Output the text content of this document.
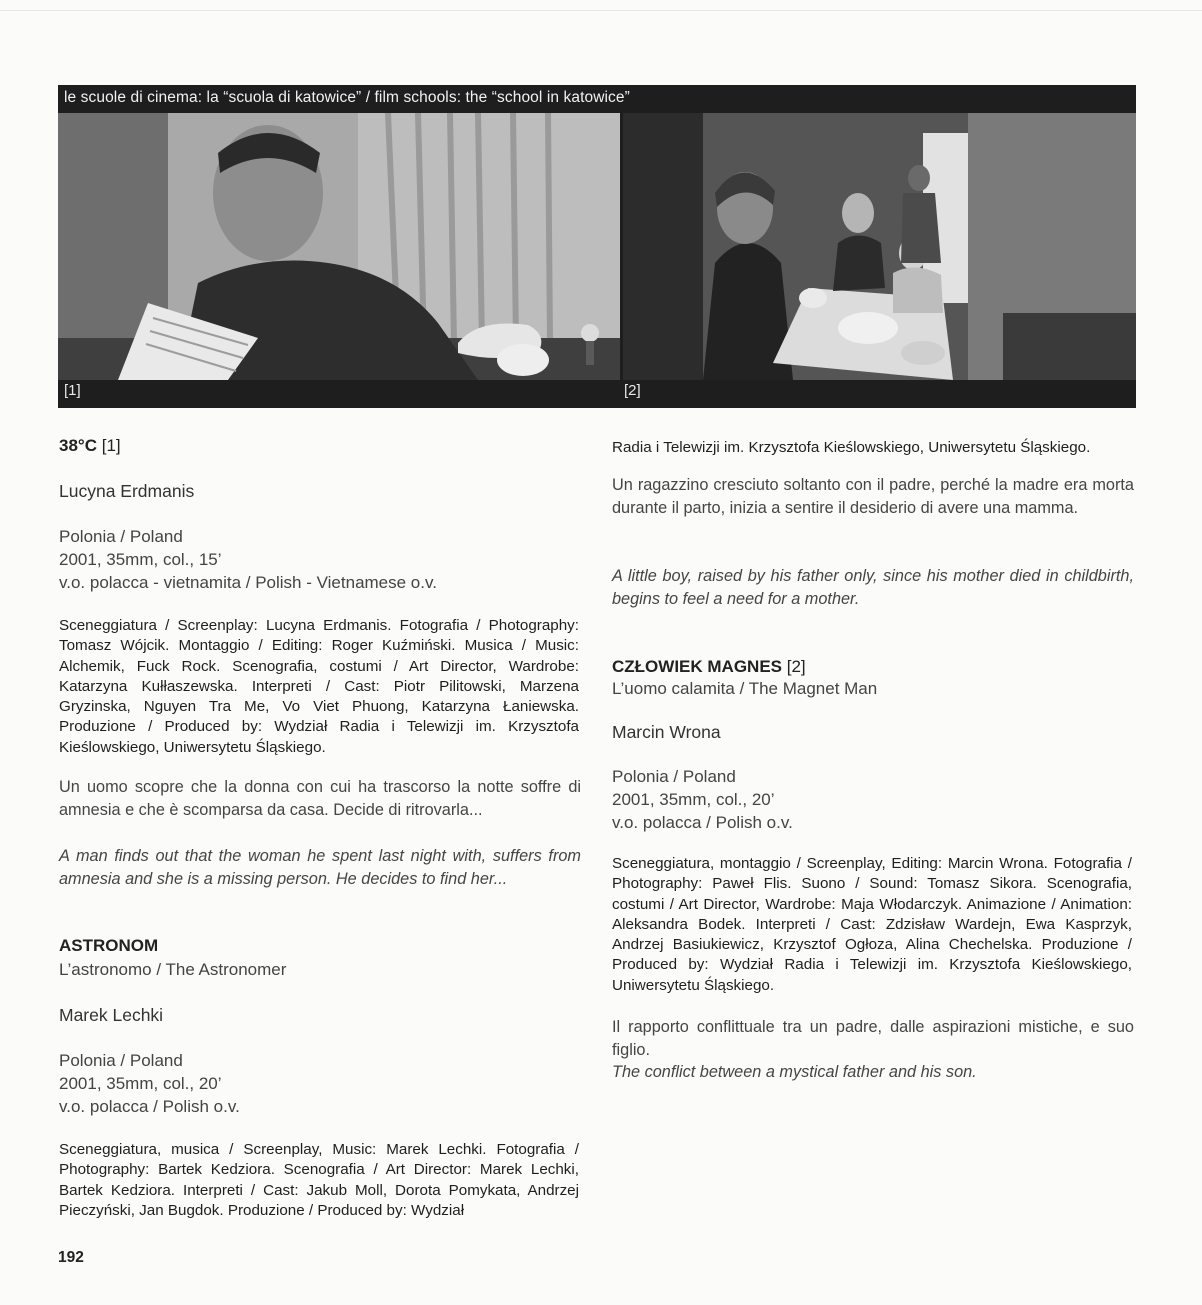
le scuole di cinema: la “scuola di katowice” / film schools: the “school in katowice”
[1]	[2]
38°C [1]
Lucyna Erdmanis
Polonia / Poland
2001, 35mm, col., 15’
v.o. polacca - vietnamita / Polish - Vietnamese o.v.
Sceneggiatura / Screenplay: Lucyna Erdmanis. Fotografia / Photography: Tomasz Wójcik. Montaggio / Editing: Roger Kuźmiński. Musica / Music: Alchemik, Fuck Rock. Scenografia, costumi / Art Director, Wardrobe: Katarzyna Kułłaszewska. Interpreti / Cast: Piotr Pilitowski, Marzena Gryzinska, Nguyen Tra Me, Vo Viet Phuong, Katarzyna Łaniewska. Produzione / Produced by: Wydział Radia i Telewizji im. Krzysztofa Kieślowskiego, Uniwersytetu Śląskiego.
Un uomo scopre che la donna con cui ha trascorso la notte soffre di amnesia e che è scomparsa da casa. Decide di ritrovarla...
A man finds out that the woman he spent last night with, suffers from amnesia and she is a missing person. He decides to find her...
ASTRONOM
L’astronomo / The Astronomer
Marek Lechki
Polonia / Poland
2001, 35mm, col., 20’
v.o. polacca / Polish o.v.
Sceneggiatura, musica / Screenplay, Music: Marek Lechki. Fotografia / Photography: Bartek Kedziora. Scenografia / Art Director: Marek Lechki, Bartek Kedziora. Interpreti / Cast: Jakub Moll, Dorota Pomykata, Andrzej Pieczyński, Jan Bugdok. Produzione / Produced by: Wydział
Radia i Telewizji im. Krzysztofa Kieślowskiego, Uniwersytetu Śląskiego.
Un ragazzino cresciuto soltanto con il padre, perché la madre era morta durante il parto, inizia a sentire il desiderio di avere una mamma.
A little boy, raised by his father only, since his mother died in childbirth, begins to feel a need for a mother.
CZŁOWIEK MAGNES [2]
L’uomo calamita / The Magnet Man
Marcin Wrona
Polonia / Poland
2001, 35mm, col., 20’
v.o. polacca / Polish o.v.
Sceneggiatura, montaggio / Screenplay, Editing: Marcin Wrona. Fotografia / Photography: Paweł Flis. Suono / Sound: Tomasz Sikora. Scenografia, costumi / Art Director, Wardrobe: Maja Włodarczyk. Animazione / Animation: Aleksandra Bodek. Interpreti / Cast: Zdzisław Wardejn, Ewa Kasprzyk, Andrzej Basiukiewicz, Krzysztof Ogłoza, Alina Chechelska. Produzione / Produced by: Wydział Radia i Telewizji im. Krzysztofa Kieślowskiego, Uniwersytetu Śląskiego.
Il rapporto conflittuale tra un padre, dalle aspirazioni mistiche, e suo figlio.
The conflict between a mystical father and his son.
192
